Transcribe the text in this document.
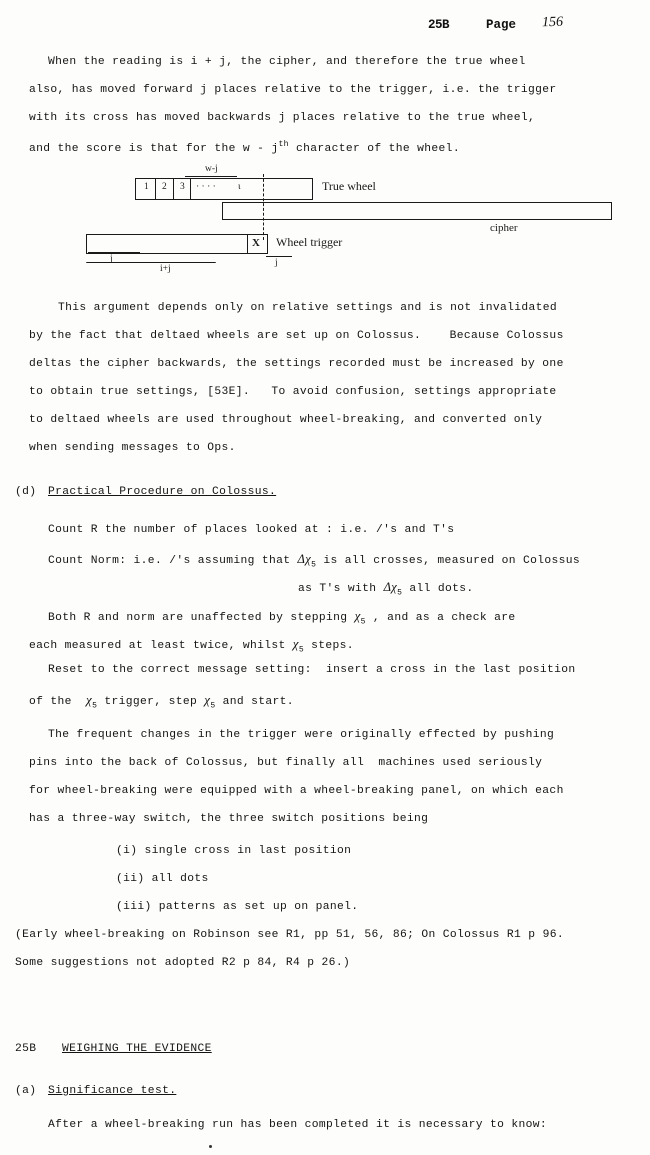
25B	Page 156
When the reading is i + j, the cipher, and therefore the true wheel
also, has moved forward j places relative to the trigger, i.e. the trigger
with its cross has moved backwards j places relative to the true wheel,
and the score is that for the w - $j^{th}$ character of the wheel.
1 2 3 · · · · ι
w-j
True wheel
cipher
X Wheel trigger
j
i+j
j
This argument depends only on relative settings and is not invalidated
by the fact that deltaed wheels are set up on Colossus.    Because Colossus
deltas the cipher backwards, the settings recorded must be increased by one
to obtain true settings, [53E].   To avoid confusion, settings appropriate
to deltaed wheels are used throughout wheel-breaking, and converted only
when sending messages to Ops.
(d) Practical Procedure on Colossus.
Count R the number of places looked at : i.e. /'s and T's
Count Norm: i.e. /'s assuming that $\Delta\chi_5$ is all crosses, measured on Colossus
as T's with $\Delta\chi_5$ all dots.
Both R and norm are unaffected by stepping $\chi_5$ , and as a check are
each measured at least twice, whilst $\chi_5$ steps.
Reset to the correct message setting:  insert a cross in the last position
of the  $\chi_5$ trigger, step $\chi_5$ and start.
The frequent changes in the trigger were originally effected by pushing
pins into the back of Colossus, but finally all  machines used seriously
for wheel-breaking were equipped with a wheel-breaking panel, on which each
has a three-way switch, the three switch positions being
(i) single cross in last position
(ii) all dots
(iii) patterns as set up on panel.
(Early wheel-breaking on Robinson see R1, pp 51, 56, 86; On Colossus R1 p 96.
Some suggestions not adopted R2 p 84, R4 p 26.)
25B WEIGHING THE EVIDENCE
(a) Significance test.
After a wheel-breaking run has been completed it is necessary to know:
